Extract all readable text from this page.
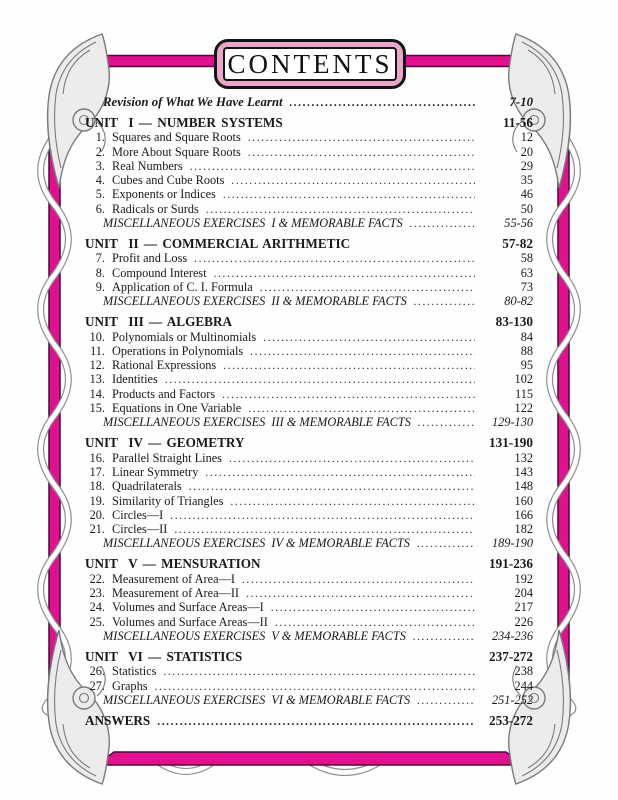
CONTENTS
Revision of What We Have Learnt .....	7-10
UNIT  I — NUMBER SYSTEMS	11-56
1. Squares and Square Roots .....	12
2. More About Square Roots .....	20
3. Real Numbers .....	29
4. Cubes and Cube Roots .....	35
5. Exponents or Indices .....	46
6. Radicals or Surds .....	50
MISCELLANEOUS EXERCISES  I & MEMORABLE FACTS .....	55-56
UNIT  II — COMMERCIAL ARITHMETIC	57-82
7. Profit and Loss .....	58
8. Compound Interest .....	63
9. Application of C. I. Formula .....	73
MISCELLANEOUS EXERCISES  II & MEMORABLE FACTS .....	80-82
UNIT  III — ALGEBRA	83-130
10. Polynomials or Multinomials .....	84
11. Operations in Polynomials .....	88
12. Rational Expressions .....	95
13. Identities .....	102
14. Products and Factors .....	115
15. Equations in One Variable .....	122
MISCELLANEOUS EXERCISES  III & MEMORABLE FACTS .....	129-130
UNIT  IV — GEOMETRY	131-190
16. Parallel Straight Lines .....	132
17. Linear Symmetry .....	143
18. Quadrilaterals .....	148
19. Similarity of Triangles .....	160
20. Circles—I .....	166
21. Circles—II .....	182
MISCELLANEOUS EXERCISES  IV & MEMORABLE FACTS .....	189-190
UNIT  V — MENSURATION	191-236
22. Measurement of Area—I .....	192
23. Measurement of Area—II .....	204
24. Volumes and Surface Areas—I .....	217
25. Volumes and Surface Areas—II .....	226
MISCELLANEOUS EXERCISES  V & MEMORABLE FACTS .....	234-236
UNIT  VI — STATISTICS	237-272
26. Statistics .....	238
27. Graphs .....	244
MISCELLANEOUS EXERCISES  VI & MEMORABLE FACTS .....	251-252
ANSWERS .....	253-272
